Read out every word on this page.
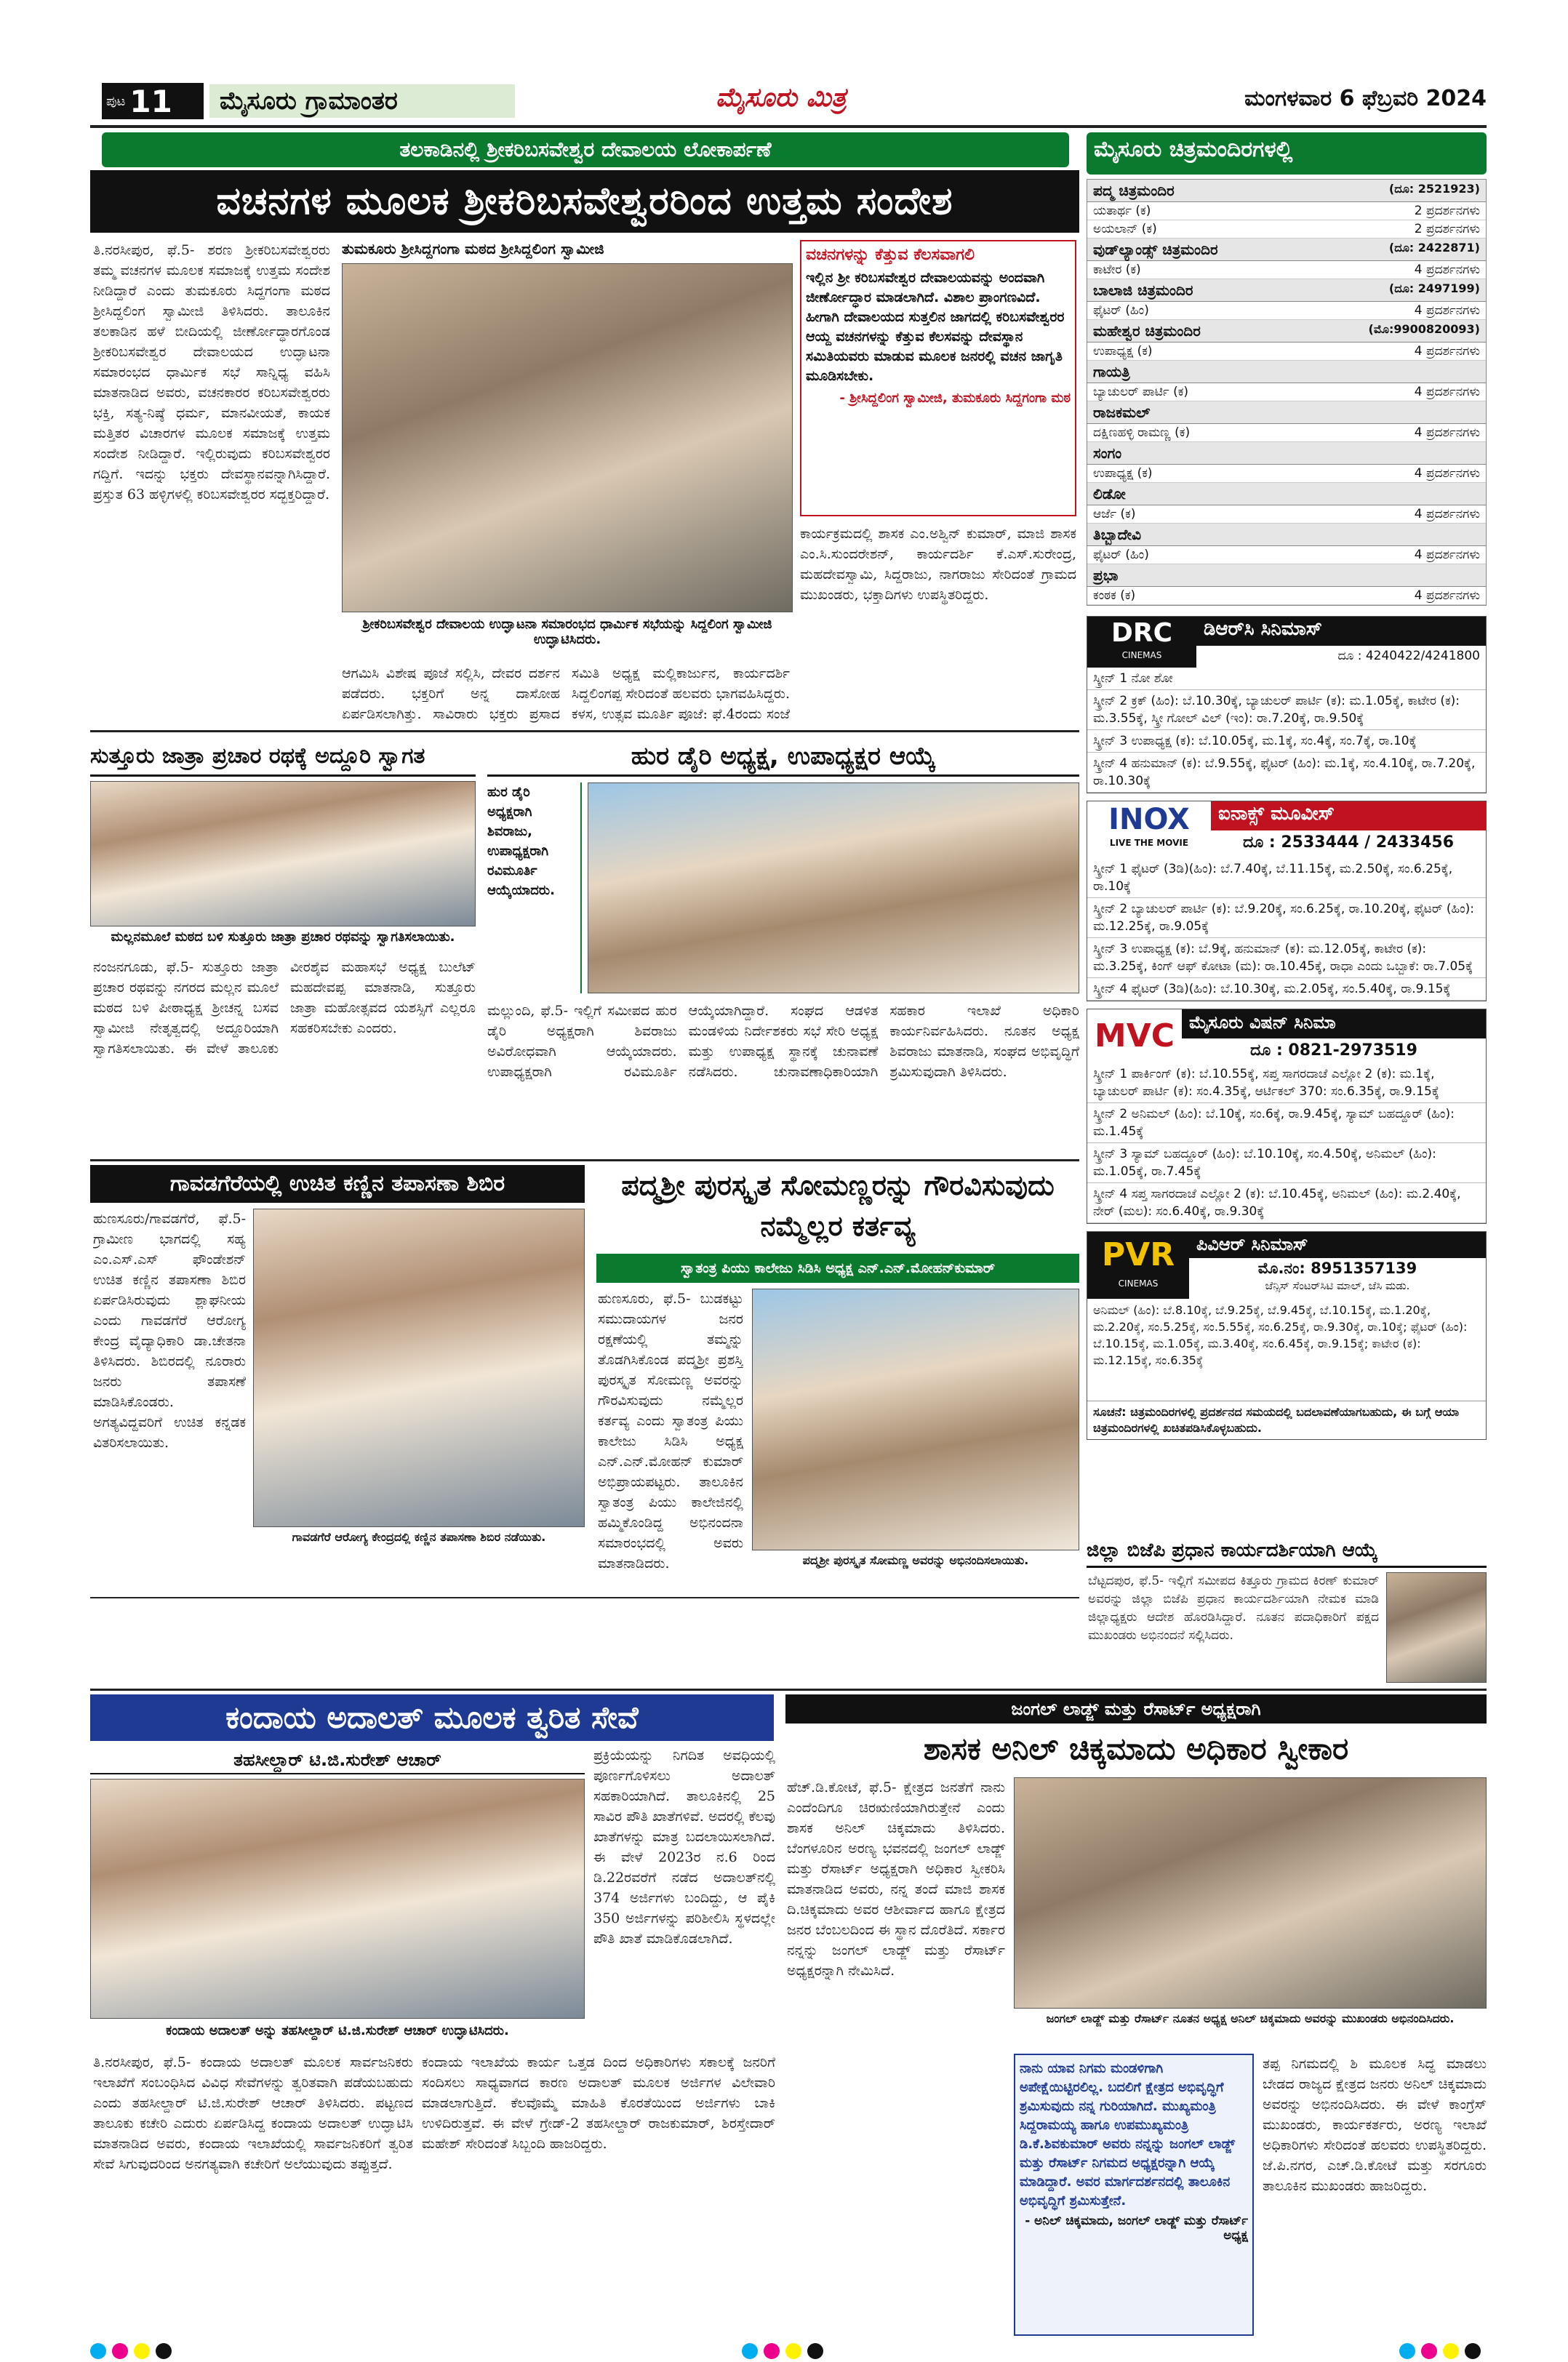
ಪುಟ 11	ಮೈಸೂರು ಗ್ರಾಮಾಂತರ	ಮೈಸೂರು ಮಿತ್ರ	ಮಂಗಳವಾರ 6 ಫೆಬ್ರವರಿ 2024
ತಲಕಾಡಿನಲ್ಲಿ ಶ್ರೀಕರಿಬಸವೇಶ್ವರ ದೇವಾಲಯ ಲೋಕಾರ್ಪಣೆ
ವಚನಗಳ ಮೂಲಕ ಶ್ರೀಕರಿಬಸವೇಶ್ವರರಿಂದ ಉತ್ತಮ ಸಂದೇಶ
ತಿ.ನರಸೀಪುರ, ಫೆ.5- ಶರಣ ಶ್ರೀಕರಿಬಸವೇಶ್ವರರು ತಮ್ಮ ವಚನಗಳ ಮೂಲಕ ಸಮಾಜಕ್ಕೆ ಉತ್ತಮ ಸಂದೇಶ ನೀಡಿದ್ದಾರೆ ಎಂದು ತುಮಕೂರು ಸಿದ್ದಗಂಗಾ ಮಠದ ಶ್ರೀಸಿದ್ದಲಿಂಗ ಸ್ವಾಮೀಜಿ ತಿಳಿಸಿದರು. ತಾಲೂಕಿನ ತಲಕಾಡಿನ ಹಳೆ ಬೀದಿಯಲ್ಲಿ ಜೀರ್ಣೋದ್ಧಾರಗೊಂಡ ಶ್ರೀಕರಿಬಸವೇಶ್ವರ ದೇವಾಲಯದ ಉದ್ಘಾಟನಾ ಸಮಾರಂಭದ ಧಾರ್ಮಿಕ ಸಭೆ ಸಾನ್ನಿಧ್ಯ ವಹಿಸಿ ಮಾತನಾಡಿದ ಅವರು, ವಚನಕಾರರ ಕರಿಬಸವೇಶ್ವರರು ಭಕ್ತಿ, ಸತ್ಯ-ನಿಷ್ಠೆ ಧರ್ಮ, ಮಾನವೀಯತೆ, ಕಾಯಕ ಮತ್ತಿತರ ವಿಚಾರಗಳ ಮೂಲಕ ಸಮಾಜಕ್ಕೆ ಉತ್ತಮ ಸಂದೇಶ ನೀಡಿದ್ದಾರೆ. ಇಲ್ಲಿರುವುದು ಕರಿಬಸವೇಶ್ವರರ ಗದ್ದಿಗೆ. ಇದನ್ನು ಭಕ್ತರು ದೇವಸ್ಥಾನವನ್ನಾಗಿಸಿದ್ದಾರೆ. ಪ್ರಸ್ತುತ 63 ಹಳ್ಳಿಗಳಲ್ಲಿ ಕರಿಬಸವೇಶ್ವರರ ಸದ್ಭಕ್ತರಿದ್ದಾರೆ.
ತುಮಕೂರು ಶ್ರೀಸಿದ್ದಗಂಗಾ ಮಠದ ಶ್ರೀಸಿದ್ದಲಿಂಗ ಸ್ವಾಮೀಜಿ
ಶ್ರೀಕರಿಬಸವೇಶ್ವರ ದೇವಾಲಯ ಉದ್ಘಾಟನಾ ಸಮಾರಂಭದ ಧಾರ್ಮಿಕ ಸಭೆಯನ್ನು ಸಿದ್ದಲಿಂಗ ಸ್ವಾಮೀಜಿ ಉದ್ಘಾಟಿಸಿದರು.
ವಚನಗಳನ್ನು ಕೆತ್ತುವ ಕೆಲಸವಾಗಲಿ
ಇಲ್ಲಿನ ಶ್ರೀ ಕರಿಬಸವೇಶ್ವರ ದೇವಾಲಯವನ್ನು ಅಂದವಾಗಿ ಜೀರ್ಣೋದ್ಧಾರ ಮಾಡಲಾಗಿದೆ. ವಿಶಾಲ ಪ್ರಾಂಗಣವಿದೆ. ಹೀಗಾಗಿ ದೇವಾಲಯದ ಸುತ್ತಲಿನ ಜಾಗದಲ್ಲಿ ಕರಿಬಸವೇಶ್ವರರ ಆಯ್ದ ವಚನಗಳನ್ನು ಕೆತ್ತುವ ಕೆಲಸವನ್ನು ದೇವಸ್ಥಾನ ಸಮಿತಿಯವರು ಮಾಡುವ ಮೂಲಕ ಜನರಲ್ಲಿ ವಚನ ಜಾಗೃತಿ ಮೂಡಿಸಬೇಕು.
- ಶ್ರೀಸಿದ್ದಲಿಂಗ ಸ್ವಾಮೀಜಿ, ತುಮಕೂರು ಸಿದ್ದಗಂಗಾ ಮಠ
ಕಾರ್ಯಕ್ರಮದಲ್ಲಿ ಶಾಸಕ ಎಂ.ಅಶ್ವಿನ್ ಕುಮಾರ್, ಮಾಜಿ ಶಾಸಕ ಎಂ.ಸಿ.ಸುಂದರೇಶನ್, ಕಾರ್ಯದರ್ಶಿ ಕೆ.ಎಸ್.ಸುರೇಂದ್ರ, ಮಹದೇವಸ್ವಾಮಿ, ಸಿದ್ದರಾಜು, ನಾಗರಾಜು ಸೇರಿದಂತೆ ಗ್ರಾಮದ ಮುಖಂಡರು, ಭಕ್ತಾದಿಗಳು ಉಪಸ್ಥಿತರಿದ್ದರು.
ಆಗಮಿಸಿ ವಿಶೇಷ ಪೂಜೆ ಸಲ್ಲಿಸಿ, ದೇವರ ದರ್ಶನ ಪಡೆದರು. ಭಕ್ತರಿಗೆ ಅನ್ನ ದಾಸೋಹ ಏರ್ಪಡಿಸಲಾಗಿತ್ತು. ಸಾವಿರಾರು ಭಕ್ತರು ಪ್ರಸಾದ
ಸಮಿತಿ ಅಧ್ಯಕ್ಷ ಮಲ್ಲಿಕಾರ್ಜುನ, ಕಾರ್ಯದರ್ಶಿ ಸಿದ್ದಲಿಂಗಪ್ಪ ಸೇರಿದಂತೆ ಹಲವರು ಭಾಗವಹಿಸಿದ್ದರು. ಕಳಸ, ಉತ್ಸವ ಮೂರ್ತಿ ಪೂಜೆ: ಫೆ.4ರಂದು ಸಂಜೆ
ಮೈಸೂರು ಚಿತ್ರಮಂದಿರಗಳಲ್ಲಿ
ಪದ್ಮ ಚಿತ್ರಮಂದಿರ	(ದೂ: 2521923)
ಯತಾರ್ಥ (ಕ)	2 ಪ್ರದರ್ಶನಗಳು
ಅಯಲಾನ್ (ಕ)	2 ಪ್ರದರ್ಶನಗಳು
ವುಡ್‌ಲ್ಯಾಂಡ್ಸ್ ಚಿತ್ರಮಂದಿರ	(ದೂ: 2422871)
ಕಾಟೇರ (ಕ)	4 ಪ್ರದರ್ಶನಗಳು
ಬಾಲಾಜಿ ಚಿತ್ರಮಂದಿರ	(ದೂ: 2497199)
ಫೈಟರ್ (ಹಿಂ)	4 ಪ್ರದರ್ಶನಗಳು
ಮಹೇಶ್ವರ ಚಿತ್ರಮಂದಿರ	(ಮೊ:9900820093)
ಉಪಾಧ್ಯಕ್ಷ (ಕ)	4 ಪ್ರದರ್ಶನಗಳು
ಗಾಯತ್ರಿ
ಬ್ಯಾಚುಲರ್ ಪಾರ್ಟಿ (ಕ)	4 ಪ್ರದರ್ಶನಗಳು
ರಾಜಕಮಲ್
ದಕ್ಷಿಣಹಳ್ಳಿ ರಾಮಣ್ಣ (ಕ)	4 ಪ್ರದರ್ಶನಗಳು
ಸಂಗಂ
ಉಪಾಧ್ಯಕ್ಷ (ಕ)	4 ಪ್ರದರ್ಶನಗಳು
ಲಿಡೋ
ಆರ್ಜೆ (ಕ)	4 ಪ್ರದರ್ಶನಗಳು
ತಿಬ್ಬಾದೇವಿ
ಫೈಟರ್ (ಹಿಂ)	4 ಪ್ರದರ್ಶನಗಳು
ಪ್ರಭಾ
ಕಂಠಕ (ಕ)	4 ಪ್ರದರ್ಶನಗಳು
DRC
CINEMAS
ಡಿಆರ್‌ಸಿ ಸಿನಿಮಾಸ್
ದೂ : 4240422/4241800
ಸ್ಕ್ರೀನ್ 1 ನೋ ಶೋ
ಸ್ಕ್ರೀನ್ 2 ಕ್ರಕ್ (ಹಿಂ): ಬೆ.10.30ಕ್ಕೆ, ಬ್ಯಾಚುಲರ್ ಪಾರ್ಟಿ (ಕ): ಮ.1.05ಕ್ಕೆ, ಕಾಟೇರ (ಕ): ಮ.3.55ಕ್ಕೆ, ಸ್ಕ್ರೀ ಗೋಲ್ ವಿಲ್ (ಇಂ): ರಾ.7.20ಕ್ಕೆ, ರಾ.9.50ಕ್ಕೆ
ಸ್ಕ್ರೀನ್ 3 ಉಪಾಧ್ಯಕ್ಷ (ಕ): ಬೆ.10.05ಕ್ಕೆ, ಮ.1ಕ್ಕೆ, ಸಂ.4ಕ್ಕೆ, ಸಂ.7ಕ್ಕೆ, ರಾ.10ಕ್ಕೆ
ಸ್ಕ್ರೀನ್ 4 ಹನುಮಾನ್ (ಕ): ಬೆ.9.55ಕ್ಕೆ, ಫೈಟರ್ (ಹಿಂ): ಮ.1ಕ್ಕೆ, ಸಂ.4.10ಕ್ಕೆ, ರಾ.7.20ಕ್ಕೆ, ರಾ.10.30ಕ್ಕೆ
INOX
LIVE THE MOVIE
ಐನಾಕ್ಸ್ ಮೂವೀಸ್
ದೂ : 2533444 / 2433456
ಸ್ಕ್ರೀನ್ 1 ಫೈಟರ್ (3ಡಿ)(ಹಿಂ): ಬೆ.7.40ಕ್ಕೆ, ಬೆ.11.15ಕ್ಕೆ, ಮ.2.50ಕ್ಕೆ, ಸಂ.6.25ಕ್ಕೆ, ರಾ.10ಕ್ಕೆ
ಸ್ಕ್ರೀನ್ 2 ಬ್ಯಾಚುಲರ್ ಪಾರ್ಟಿ (ಕ): ಬೆ.9.20ಕ್ಕೆ, ಸಂ.6.25ಕ್ಕೆ, ರಾ.10.20ಕ್ಕೆ, ಫೈಟರ್ (ಹಿಂ): ಮ.12.25ಕ್ಕೆ, ರಾ.9.05ಕ್ಕೆ
ಸ್ಕ್ರೀನ್ 3 ಉಪಾಧ್ಯಕ್ಷ (ಕ): ಬೆ.9ಕ್ಕೆ, ಹನುಮಾನ್ (ಕ): ಮ.12.05ಕ್ಕೆ, ಕಾಟೇರ (ಕ): ಮ.3.25ಕ್ಕೆ, ಕಿಂಗ್ ಆಫ್ ಕೋಟಾ (ಮ): ರಾ.10.45ಕ್ಕೆ, ರಾಧಾ ಎಂದು ಒಬ್ಬಾಕೆ: ರಾ.7.05ಕ್ಕೆ
ಸ್ಕ್ರೀನ್ 4 ಫೈಟರ್ (3ಡಿ)(ಹಿಂ): ಬೆ.10.30ಕ್ಕೆ, ಮ.2.05ಕ್ಕೆ, ಸಂ.5.40ಕ್ಕೆ, ರಾ.9.15ಕ್ಕೆ
MVC ಮೈಸೂರು ವಿಷನ್ ಸಿನಿಮಾ
ದೂ : 0821-2973519
ಸ್ಕ್ರೀನ್ 1 ಪಾರ್ಕಿಂಗ್ (ಕ): ಬೆ.10.55ಕ್ಕೆ, ಸಪ್ತ ಸಾಗರದಾಚೆ ಎಲ್ಲೋ 2 (ಕ): ಮ.1ಕ್ಕೆ, ಬ್ಯಾಚುಲರ್ ಪಾರ್ಟಿ (ಕ): ಸಂ.4.35ಕ್ಕೆ, ಆರ್ಟಿಕಲ್ 370: ಸಂ.6.35ಕ್ಕೆ, ರಾ.9.15ಕ್ಕೆ
ಸ್ಕ್ರೀನ್ 2 ಅನಿಮಲ್ (ಹಿಂ): ಬೆ.10ಕ್ಕೆ, ಸಂ.6ಕ್ಕೆ, ರಾ.9.45ಕ್ಕೆ, ಸ್ಯಾಮ್ ಬಹದ್ದೂರ್ (ಹಿಂ): ಮ.1.45ಕ್ಕೆ
ಸ್ಕ್ರೀನ್ 3 ಸ್ಯಾಮ್ ಬಹದ್ದೂರ್ (ಹಿಂ): ಬೆ.10.10ಕ್ಕೆ, ಸಂ.4.50ಕ್ಕೆ, ಅನಿಮಲ್ (ಹಿಂ): ಮ.1.05ಕ್ಕೆ, ರಾ.7.45ಕ್ಕೆ
ಸ್ಕ್ರೀನ್ 4 ಸಪ್ತ ಸಾಗರದಾಚೆ ಎಲ್ಲೋ 2 (ಕ): ಬೆ.10.45ಕ್ಕೆ, ಅನಿಮಲ್ (ಹಿಂ): ಮ.2.40ಕ್ಕೆ, ನೇರ್ (ಮಲ): ಸಂ.6.40ಕ್ಕೆ, ರಾ.9.30ಕ್ಕೆ
PVR
CINEMAS
ಪಿವಿಆರ್ ಸಿನಿಮಾಸ್
ಮೊ.ನಂ: 8951357139
ಜೆನ್ಸಿಸ್ ಸೆಂಟರ್‌ಸಿಟಿ ಮಾಲ್, ಜೆಸಿ ಮಡು.
ಅನಿಮಲ್ (ಹಿಂ): ಬೆ.8.10ಕ್ಕೆ, ಬೆ.9.25ಕ್ಕೆ, ಬೆ.9.45ಕ್ಕೆ, ಬೆ.10.15ಕ್ಕೆ, ಮ.1.20ಕ್ಕೆ, ಮ.2.20ಕ್ಕೆ, ಸಂ.5.25ಕ್ಕೆ, ಸಂ.5.55ಕ್ಕೆ, ಸಂ.6.25ಕ್ಕೆ, ರಾ.9.30ಕ್ಕೆ, ರಾ.10ಕ್ಕೆ; ಫೈಟರ್ (ಹಿಂ): ಬೆ.10.15ಕ್ಕೆ, ಮ.1.05ಕ್ಕೆ, ಮ.3.40ಕ್ಕೆ, ಸಂ.6.45ಕ್ಕೆ, ರಾ.9.15ಕ್ಕೆ; ಕಾಟೇರ (ಕ): ಮ.12.15ಕ್ಕೆ, ಸಂ.6.35ಕ್ಕೆ
ಸೂಚನೆ: ಚಿತ್ರಮಂದಿರಗಳಲ್ಲಿ ಪ್ರದರ್ಶನದ ಸಮಯದಲ್ಲಿ ಬದಲಾವಣೆಯಾಗಬಹುದು, ಈ ಬಗ್ಗೆ ಆಯಾ ಚಿತ್ರಮಂದಿರಗಳಲ್ಲಿ ಖಚಿತಪಡಿಸಿಕೊಳ್ಳಬಹುದು.
ಸುತ್ತೂರು ಜಾತ್ರಾ ಪ್ರಚಾರ ರಥಕ್ಕೆ ಅದ್ದೂರಿ ಸ್ವಾಗತ
ಮಲ್ಲನಮೂಲೆ ಮಠದ ಬಳಿ ಸುತ್ತೂರು ಜಾತ್ರಾ ಪ್ರಚಾರ ರಥವನ್ನು ಸ್ವಾಗತಿಸಲಾಯಿತು.
ನಂಜನಗೂಡು, ಫೆ.5- ಸುತ್ತೂರು ಜಾತ್ರಾ ಪ್ರಚಾರ ರಥವನ್ನು ನಗರದ ಮಲ್ಲನ ಮೂಲೆ ಮಠದ ಬಳಿ ಪೀಠಾಧ್ಯಕ್ಷ ಶ್ರೀಚನ್ನ ಬಸವ ಸ್ವಾಮೀಜಿ ನೇತೃತ್ವದಲ್ಲಿ ಅದ್ದೂರಿಯಾಗಿ ಸ್ವಾಗತಿಸಲಾಯಿತು. ಈ ವೇಳೆ ತಾಲೂಕು ವೀರಶೈವ ಮಹಾಸಭೆ ಅಧ್ಯಕ್ಷ ಬುಲೆಟ್ ಮಹದೇವಪ್ಪ ಮಾತನಾಡಿ, ಸುತ್ತೂರು ಜಾತ್ರಾ ಮಹೋತ್ಸವದ ಯಶಸ್ಸಿಗೆ ಎಲ್ಲರೂ ಸಹಕರಿಸಬೇಕು ಎಂದರು.
ಹುರ ಡೈರಿ ಅಧ್ಯಕ್ಷ, ಉಪಾಧ್ಯಕ್ಷರ ಆಯ್ಕೆ
ಹುರ ಡೈರಿ ಅಧ್ಯಕ್ಷರಾಗಿ ಶಿವರಾಜು, ಉಪಾಧ್ಯಕ್ಷರಾಗಿ ರವಿಮೂರ್ತಿ ಆಯ್ಕೆಯಾದರು.
ಮಲ್ಲುಂದಿ, ಫೆ.5- ಇಲ್ಲಿಗೆ ಸಮೀಪದ ಹುರ ಡೈರಿ ಅಧ್ಯಕ್ಷರಾಗಿ ಶಿವರಾಜು ಅವಿರೋಧವಾಗಿ ಆಯ್ಕೆಯಾದರು. ಉಪಾಧ್ಯಕ್ಷರಾಗಿ ರವಿಮೂರ್ತಿ ಆಯ್ಕೆಯಾಗಿದ್ದಾರೆ. ಸಂಘದ ಆಡಳಿತ ಮಂಡಳಿಯ ನಿರ್ದೇಶಕರು ಸಭೆ ಸೇರಿ ಅಧ್ಯಕ್ಷ ಮತ್ತು ಉಪಾಧ್ಯಕ್ಷ ಸ್ಥಾನಕ್ಕೆ ಚುನಾವಣೆ ನಡೆಸಿದರು. ಚುನಾವಣಾಧಿಕಾರಿಯಾಗಿ ಸಹಕಾರ ಇಲಾಖೆ ಅಧಿಕಾರಿ ಕಾರ್ಯನಿರ್ವಹಿಸಿದರು. ನೂತನ ಅಧ್ಯಕ್ಷ ಶಿವರಾಜು ಮಾತನಾಡಿ, ಸಂಘದ ಅಭಿವೃದ್ಧಿಗೆ ಶ್ರಮಿಸುವುದಾಗಿ ತಿಳಿಸಿದರು.
ಗಾವಡಗೆರೆಯಲ್ಲಿ ಉಚಿತ ಕಣ್ಣಿನ ತಪಾಸಣಾ ಶಿಬಿರ
ಹುಣಸೂರು/ಗಾವಡಗೆರೆ, ಫೆ.5- ಗ್ರಾಮೀಣ ಭಾಗದಲ್ಲಿ ಸಹ್ಯ ಎಂ.ಎಸ್.ಎಸ್ ಫೌಂಡೇಶನ್ ಉಚಿತ ಕಣ್ಣಿನ ತಪಾಸಣಾ ಶಿಬಿರ ಏರ್ಪಡಿಸಿರುವುದು ಶ್ಲಾಘನೀಯ ಎಂದು ಗಾವಡಗೆರೆ ಆರೋಗ್ಯ ಕೇಂದ್ರ ವೈದ್ಯಾಧಿಕಾರಿ ಡಾ.ಚೇತನಾ ತಿಳಿಸಿದರು. ಶಿಬಿರದಲ್ಲಿ ನೂರಾರು ಜನರು ತಪಾಸಣೆ ಮಾಡಿಸಿಕೊಂಡರು. ಅಗತ್ಯವಿದ್ದವರಿಗೆ ಉಚಿತ ಕನ್ನಡಕ ವಿತರಿಸಲಾಯಿತು.
ಗಾವಡಗೆರೆ ಆರೋಗ್ಯ ಕೇಂದ್ರದಲ್ಲಿ ಕಣ್ಣಿನ ತಪಾಸಣಾ ಶಿಬಿರ ನಡೆಯಿತು.
ಪದ್ಮಶ್ರೀ ಪುರಸ್ಕೃತ ಸೋಮಣ್ಣರನ್ನು ಗೌರವಿಸುವುದು ನಮ್ಮೆಲ್ಲರ ಕರ್ತವ್ಯ
ಸ್ವಾತಂತ್ರ ಪಿಯು ಕಾಲೇಜು ಸಿಡಿಸಿ ಅಧ್ಯಕ್ಷ ಎನ್.ಎನ್.ಮೋಹನ್‌ಕುಮಾರ್
ಹುಣಸೂರು, ಫೆ.5- ಬುಡಕಟ್ಟು ಸಮುದಾಯಗಳ ಜನರ ರಕ್ಷಣೆಯಲ್ಲಿ ತಮ್ಮನ್ನು ತೊಡಗಿಸಿಕೊಂಡ ಪದ್ಮಶ್ರೀ ಪ್ರಶಸ್ತಿ ಪುರಸ್ಕೃತ ಸೋಮಣ್ಣ ಅವರನ್ನು ಗೌರವಿಸುವುದು ನಮ್ಮೆಲ್ಲರ ಕರ್ತವ್ಯ ಎಂದು ಸ್ವಾತಂತ್ರ ಪಿಯು ಕಾಲೇಜು ಸಿಡಿಸಿ ಅಧ್ಯಕ್ಷ ಎನ್.ಎನ್.ಮೋಹನ್ ಕುಮಾರ್ ಅಭಿಪ್ರಾಯಪಟ್ಟರು. ತಾಲೂಕಿನ ಸ್ವಾತಂತ್ರ ಪಿಯು ಕಾಲೇಜಿನಲ್ಲಿ ಹಮ್ಮಿಕೊಂಡಿದ್ದ ಅಭಿನಂದನಾ ಸಮಾರಂಭದಲ್ಲಿ ಅವರು ಮಾತನಾಡಿದರು.	ಪದ್ಮಶ್ರೀ ಪುರಸ್ಕೃತ ಸೋಮಣ್ಣ ಅವರನ್ನು ಅಭಿನಂದಿಸಲಾಯಿತು.	ಜಿಲ್ಲಾ ಬಿಜೆಪಿ ಪ್ರಧಾನ ಕಾರ್ಯದರ್ಶಿಯಾಗಿ ಆಯ್ಕೆ
ಬೆಟ್ಟದಪುರ, ಫೆ.5- ಇಲ್ಲಿಗೆ ಸಮೀಪದ ಕಿತ್ತೂರು ಗ್ರಾಮದ ಕಿರಣ್ ಕುಮಾರ್ ಅವರನ್ನು ಜಿಲ್ಲಾ ಬಿಜೆಪಿ ಪ್ರಧಾನ ಕಾರ್ಯದರ್ಶಿಯಾಗಿ ನೇಮಕ ಮಾಡಿ ಜಿಲ್ಲಾಧ್ಯಕ್ಷರು ಆದೇಶ ಹೊರಡಿಸಿದ್ದಾರೆ. ನೂತನ ಪದಾಧಿಕಾರಿಗೆ ಪಕ್ಷದ ಮುಖಂಡರು ಅಭಿನಂದನೆ ಸಲ್ಲಿಸಿದರು.
ಕಂದಾಯ ಅದಾಲತ್ ಮೂಲಕ ತ್ವರಿತ ಸೇವೆ
ತಹಸೀಲ್ದಾರ್ ಟಿ.ಜಿ.ಸುರೇಶ್ ಆಚಾರ್
ಕಂದಾಯ ಅದಾಲತ್ ಅನ್ನು ತಹಸೀಲ್ದಾರ್ ಟಿ.ಜಿ.ಸುರೇಶ್ ಆಚಾರ್ ಉದ್ಘಾಟಿಸಿದರು.
ಪ್ರಕ್ರಿಯೆಯನ್ನು ನಿಗದಿತ ಅವಧಿಯಲ್ಲಿ ಪೂರ್ಣಗೊಳಿಸಲು ಅದಾಲತ್ ಸಹಕಾರಿಯಾಗಿದೆ. ತಾಲೂಕಿನಲ್ಲಿ 25 ಸಾವಿರ ಪೌತಿ ಖಾತೆಗಳಿವೆ. ಅದರಲ್ಲಿ ಕೆಲವು ಖಾತೆಗಳನ್ನು ಮಾತ್ರ ಬದಲಾಯಿಸಲಾಗಿದೆ. ಈ ವೇಳೆ 2023ರ ನ.6 ರಿಂದ ಡಿ.22ರವರೆಗೆ ನಡೆದ ಅದಾಲತ್‌ನಲ್ಲಿ 374 ಅರ್ಜಿಗಳು ಬಂದಿದ್ದು, ಆ ಪೈಕಿ 350 ಅರ್ಜಿಗಳನ್ನು ಪರಿಶೀಲಿಸಿ ಸ್ಥಳದಲ್ಲೇ ಪೌತಿ ಖಾತೆ ಮಾಡಿಕೊಡಲಾಗಿದೆ.
ತಿ.ನರಸೀಪುರ, ಫೆ.5- ಕಂದಾಯ ಅದಾಲತ್ ಮೂಲಕ ಸಾರ್ವಜನಿಕರು ಇಲಾಖೆಗೆ ಸಂಬಂಧಿಸಿದ ವಿವಿಧ ಸೇವೆಗಳನ್ನು ತ್ವರಿತವಾಗಿ ಪಡೆಯಬಹುದು ಎಂದು ತಹಸೀಲ್ದಾರ್ ಟಿ.ಜಿ.ಸುರೇಶ್ ಆಚಾರ್ ತಿಳಿಸಿದರು. ಪಟ್ಟಣದ ತಾಲೂಕು ಕಚೇರಿ ಎದುರು ಏರ್ಪಡಿಸಿದ್ದ ಕಂದಾಯ ಅದಾಲತ್ ಉದ್ಘಾಟಿಸಿ ಮಾತನಾಡಿದ ಅವರು, ಕಂದಾಯ ಇಲಾಖೆಯಲ್ಲಿ ಸಾರ್ವಜನಿಕರಿಗೆ ತ್ವರಿತ ಸೇವೆ ಸಿಗುವುದರಿಂದ ಅನಗತ್ಯವಾಗಿ ಕಚೇರಿಗೆ ಅಲೆಯುವುದು ತಪ್ಪುತ್ತದೆ.
ಕಂದಾಯ ಇಲಾಖೆಯ ಕಾರ್ಯ ಒತ್ತಡ ದಿಂದ ಅಧಿಕಾರಿಗಳು ಸಕಾಲಕ್ಕೆ ಜನರಿಗೆ ಸಂದಿಸಲು ಸಾಧ್ಯವಾಗದ ಕಾರಣ ಅದಾಲತ್ ಮೂಲಕ ಅರ್ಜಿಗಳ ವಿಲೇವಾರಿ ಮಾಡಲಾಗುತ್ತಿದೆ. ಕೆಲವೊಮ್ಮೆ ಮಾಹಿತಿ ಕೊರತೆಯಿಂದ ಅರ್ಜಿಗಳು ಬಾಕಿ ಉಳಿದಿರುತ್ತವೆ. ಈ ವೇಳೆ ಗ್ರೇಡ್-2 ತಹಸೀಲ್ದಾರ್ ರಾಜಕುಮಾರ್, ಶಿರಸ್ತೇದಾರ್ ಮಹೇಶ್ ಸೇರಿದಂತೆ ಸಿಬ್ಬಂದಿ ಹಾಜರಿದ್ದರು.
ಜಂಗಲ್ ಲಾಡ್ಜ್ ಮತ್ತು ರೆಸಾರ್ಟ್ ಅಧ್ಯಕ್ಷರಾಗಿ
ಶಾಸಕ ಅನಿಲ್ ಚಿಕ್ಕಮಾದು ಅಧಿಕಾರ ಸ್ವೀಕಾರ
ಹೆಚ್.ಡಿ.ಕೋಟೆ, ಫೆ.5- ಕ್ಷೇತ್ರದ ಜನತೆಗೆ ನಾನು ಎಂದೆಂದಿಗೂ ಚಿರಋಣಿಯಾಗಿರುತ್ತೇನೆ ಎಂದು ಶಾಸಕ ಅನಿಲ್ ಚಿಕ್ಕಮಾದು ತಿಳಿಸಿದರು. ಬೆಂಗಳೂರಿನ ಅರಣ್ಯ ಭವನದಲ್ಲಿ ಜಂಗಲ್ ಲಾಡ್ಜ್ ಮತ್ತು ರೆಸಾರ್ಟ್ ಅಧ್ಯಕ್ಷರಾಗಿ ಅಧಿಕಾರ ಸ್ವೀಕರಿಸಿ ಮಾತನಾಡಿದ ಅವರು, ನನ್ನ ತಂದೆ ಮಾಜಿ ಶಾಸಕ ದಿ.ಚಿಕ್ಕಮಾದು ಅವರ ಆಶೀರ್ವಾದ ಹಾಗೂ ಕ್ಷೇತ್ರದ ಜನರ ಬೆಂಬಲದಿಂದ ಈ ಸ್ಥಾನ ದೊರೆತಿದೆ. ಸರ್ಕಾರ ನನ್ನನ್ನು ಜಂಗಲ್ ಲಾಡ್ಜ್ ಮತ್ತು ರೆಸಾರ್ಟ್ ಅಧ್ಯಕ್ಷರನ್ನಾಗಿ ನೇಮಿಸಿದೆ.
ಜಂಗಲ್ ಲಾಡ್ಜ್ ಮತ್ತು ರೆಸಾರ್ಟ್ ನೂತನ ಅಧ್ಯಕ್ಷ ಅನಿಲ್ ಚಿಕ್ಕಮಾದು ಅವರನ್ನು ಮುಖಂಡರು ಅಭಿನಂದಿಸಿದರು.
ನಾನು ಯಾವ ನಿಗಮ ಮಂಡಳಿಗಾಗಿ ಅಪೇಕ್ಷೆಯಿಟ್ಟಿರಲಿಲ್ಲ. ಬದಲಿಗೆ ಕ್ಷೇತ್ರದ ಅಭಿವೃದ್ಧಿಗೆ ಶ್ರಮಿಸುವುದು ನನ್ನ ಗುರಿಯಾಗಿದೆ. ಮುಖ್ಯಮಂತ್ರಿ ಸಿದ್ದರಾಮಯ್ಯ ಹಾಗೂ ಉಪಮುಖ್ಯಮಂತ್ರಿ ಡಿ.ಕೆ.ಶಿವಕುಮಾರ್ ಅವರು ನನ್ನನ್ನು ಜಂಗಲ್ ಲಾಡ್ಜ್ ಮತ್ತು ರೆಸಾರ್ಟ್ ನಿಗಮದ ಅಧ್ಯಕ್ಷರನ್ನಾಗಿ ಆಯ್ಕೆ ಮಾಡಿದ್ದಾರೆ. ಅವರ ಮಾರ್ಗದರ್ಶನದಲ್ಲಿ ತಾಲೂಕಿನ ಅಭಿವೃದ್ಧಿಗೆ ಶ್ರಮಿಸುತ್ತೇನೆ.
- ಅನಿಲ್ ಚಿಕ್ಕಮಾದು, ಜಂಗಲ್ ಲಾಡ್ಜ್ ಮತ್ತು ರೆಸಾರ್ಟ್ ಅಧ್ಯಕ್ಷ
ತಪ್ಪ ನಿಗಮದಲ್ಲಿ ಶಿ ಮೂಲಕ ಸಿದ್ಧ ಮಾಡಲು ಬೇಡದ ರಾಜ್ಯದ ಕ್ಷೇತ್ರದ ಜನರು ಅನಿಲ್ ಚಿಕ್ಕಮಾದು ಅವರನ್ನು ಅಭಿನಂದಿಸಿದರು. ಈ ವೇಳೆ ಕಾಂಗ್ರೆಸ್ ಮುಖಂಡರು, ಕಾರ್ಯಕರ್ತರು, ಅರಣ್ಯ ಇಲಾಖೆ ಅಧಿಕಾರಿಗಳು ಸೇರಿದಂತೆ ಹಲವರು ಉಪಸ್ಥಿತರಿದ್ದರು. ಜೆ.ಪಿ.ನಗರ, ಎಚ್.ಡಿ.ಕೋಟೆ ಮತ್ತು ಸರಗೂರು ತಾಲೂಕಿನ ಮುಖಂಡರು ಹಾಜರಿದ್ದರು.
